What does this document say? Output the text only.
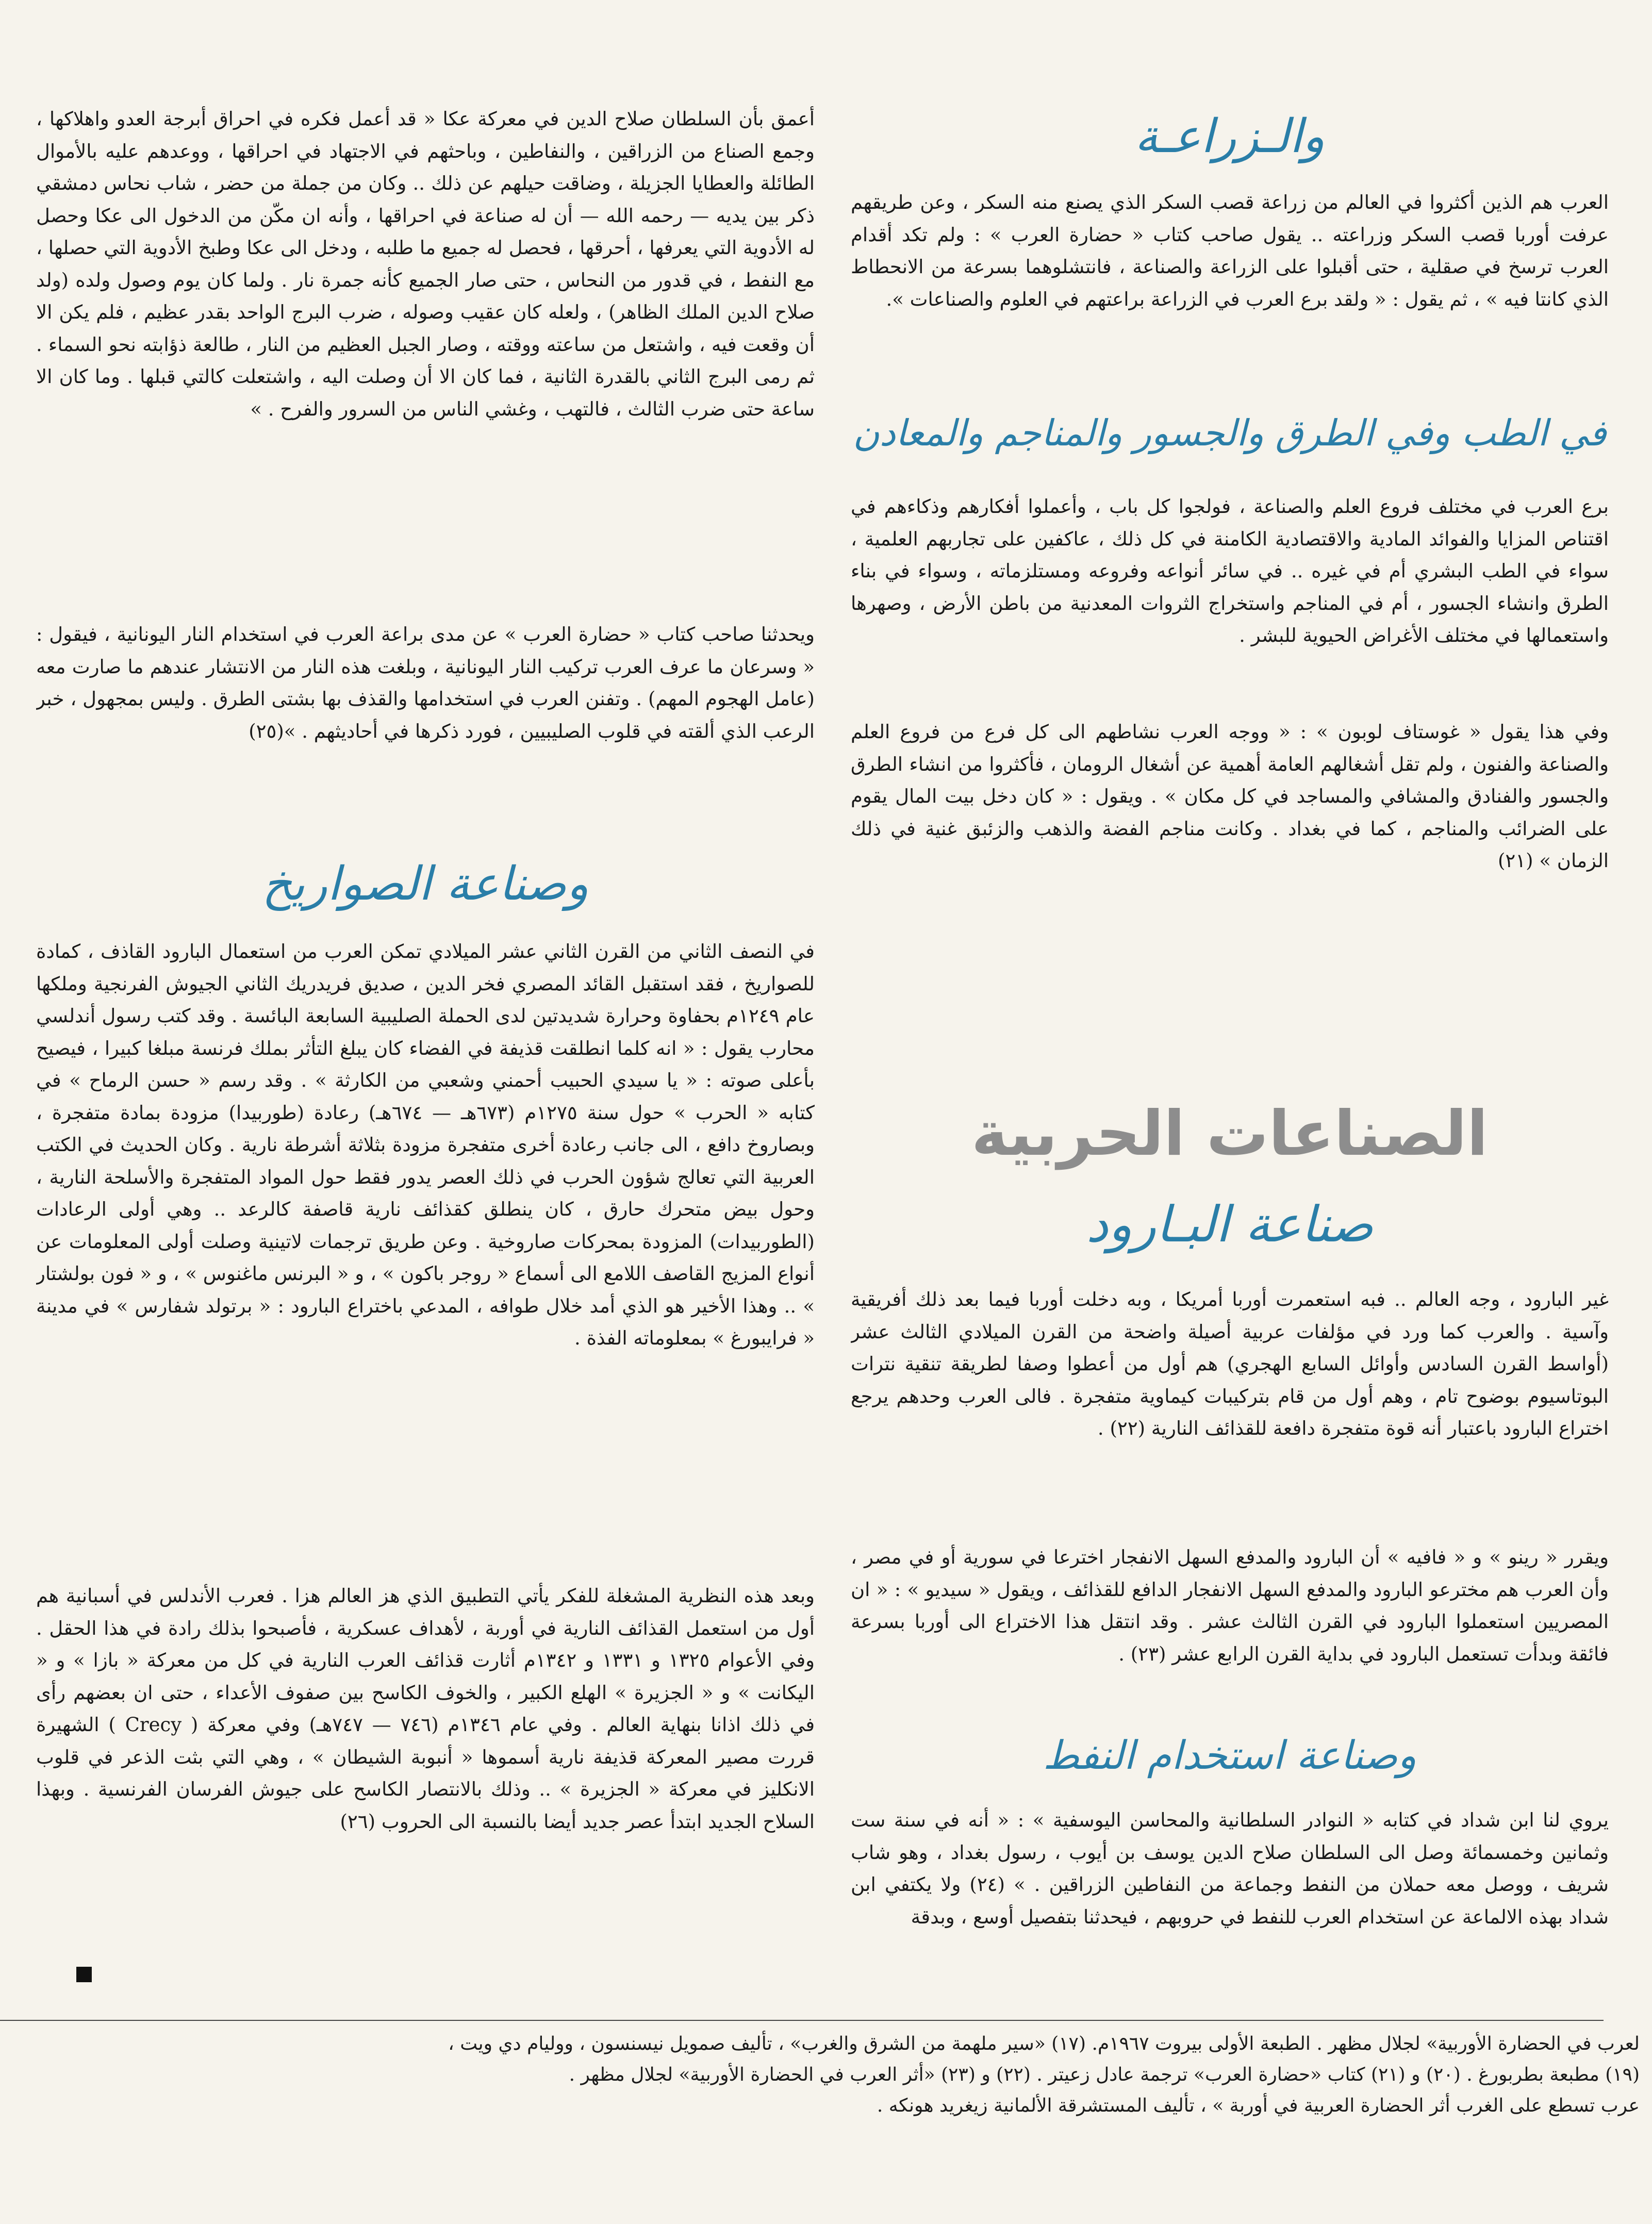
والـزراعـة

العرب هم الذين أكثروا في العالم من زراعة قصب السكر الذي يصنع منه السكر ، وعن طريقهم عرفت أوربا قصب السكر وزراعته .. يقول صاحب كتاب « حضارة العرب » : ولم تكد أقدام العرب ترسخ في صقلية ، حتى أقبلوا على الزراعة والصناعة ، فانتشلوهما بسرعة من الانحطاط الذي كانتا فيه » ، ثم يقول : « ولقد برع العرب في الزراعة براعتهم في العلوم والصناعات ».

في الطب وفي الطرق والجسور والمناجم والمعادن

برع العرب في مختلف فروع العلم والصناعة ، فولجوا كل باب ، وأعملوا أفكارهم وذكاءهم في اقتناص المزايا والفوائد المادية والاقتصادية الكامنة في كل ذلك ، عاكفين على تجاربهم العلمية ، سواء في الطب البشري أم في غيره .. في سائر أنواعه وفروعه ومستلزماته ، وسواء في بناء الطرق وانشاء الجسور ، أم في المناجم واستخراج الثروات المعدنية من باطن الأرض ، وصهرها واستعمالها في مختلف الأغراض الحيوية للبشر .

وفي هذا يقول « غوستاف لوبون » : « ووجه العرب نشاطهم الى كل فرع من فروع العلم والصناعة والفنون ، ولم تقل أشغالهم العامة أهمية عن أشغال الرومان ، فأكثروا من انشاء الطرق والجسور والفنادق والمشافي والمساجد في كل مكان » . ويقول : « كان دخل بيت المال يقوم على الضرائب والمناجم ، كما في بغداد . وكانت مناجم الفضة والذهب والزئبق غنية في ذلك الزمان » (٢١)

الصناعات الحربية
صناعة البـارود

غير البارود ، وجه العالم .. فبه استعمرت أوربا أمريكا ، وبه دخلت أوربا فيما بعد ذلك أفريقية وآسية . والعرب كما ورد في مؤلفات عربية أصيلة واضحة من القرن الميلادي الثالث عشر (أواسط القرن السادس وأوائل السابع الهجري) هم أول من أعطوا وصفا لطريقة تنقية نترات البوتاسيوم بوضوح تام ، وهم أول من قام بتركيبات كيماوية متفجرة . فالى العرب وحدهم يرجع اختراع البارود باعتبار أنه قوة متفجرة دافعة للقذائف النارية (٢٢) .

ويقرر « رينو » و « فافيه » أن البارود والمدفع السهل الانفجار اخترعا في سورية أو في مصر ، وأن العرب هم مخترعو البارود والمدفع السهل الانفجار الدافع للقذائف ، ويقول « سيديو » : « ان المصريين استعملوا البارود في القرن الثالث عشر . وقد انتقل هذا الاختراع الى أوربا بسرعة فائقة وبدأت تستعمل البارود في بداية القرن الرابع عشر (٢٣) .

وصناعة استخدام النفط

يروي لنا ابن شداد في كتابه « النوادر السلطانية والمحاسن اليوسفية » : « أنه في سنة ست وثمانين وخمسمائة وصل الى السلطان صلاح الدين يوسف بن أيوب ، رسول بغداد ، وهو شاب شريف ، ووصل معه حملان من النفط وجماعة من النفاطين الزراقين . » (٢٤) ولا يكتفي ابن شداد بهذه الالماعة عن استخدام العرب للنفط في حروبهم ، فيحدثنا بتفصيل أوسع ، وبدقة

أعمق بأن السلطان صلاح الدين في معركة عكا « قد أعمل فكره في احراق أبرجة العدو واهلاكها ، وجمع الصناع من الزراقين ، والنفاطين ، وباحثهم في الاجتهاد في احراقها ، ووعدهم عليه بالأموال الطائلة والعطايا الجزيلة ، وضاقت حيلهم عن ذلك .. وكان من جملة من حضر ، شاب نحاس دمشقي ذكر بين يديه — رحمه الله — أن له صناعة في احراقها ، وأنه ان مكّن من الدخول الى عكا وحصل له الأدوية التي يعرفها ، أحرقها ، فحصل له جميع ما طلبه ، ودخل الى عكا وطبخ الأدوية التي حصلها ، مع النفط ، في قدور من النحاس ، حتى صار الجميع كأنه جمرة نار . ولما كان يوم وصول ولده (ولد صلاح الدين الملك الظاهر) ، ولعله كان عقيب وصوله ، ضرب البرج الواحد بقدر عظيم ، فلم يكن الا أن وقعت فيه ، واشتعل من ساعته ووقته ، وصار الجبل العظيم من النار ، طالعة ذؤابته نحو السماء . ثم رمى البرج الثاني بالقدرة الثانية ، فما كان الا أن وصلت اليه ، واشتعلت كالتي قبلها . وما كان الا ساعة حتى ضرب الثالث ، فالتهب ، وغشي الناس من السرور والفرح . »

ويحدثنا صاحب كتاب « حضارة العرب » عن مدى براعة العرب في استخدام النار اليونانية ، فيقول : « وسرعان ما عرف العرب تركيب النار اليونانية ، وبلغت هذه النار من الانتشار عندهم ما صارت معه (عامل الهجوم المهم) . وتفنن العرب في استخدامها والقذف بها بشتى الطرق . وليس بمجهول ، خبر الرعب الذي ألقته في قلوب الصليبيين ، فورد ذكرها في أحاديثهم . »(٢٥)

وصناعة الصواريخ

في النصف الثاني من القرن الثاني عشر الميلادي تمكن العرب من استعمال البارود القاذف ، كمادة للصواريخ ، فقد استقبل القائد المصري فخر الدين ، صديق فريدريك الثاني الجيوش الفرنجية وملكها عام ١٢٤٩م بحفاوة وحرارة شديدتين لدى الحملة الصليبية السابعة البائسة . وقد كتب رسول أندلسي محارب يقول : « انه كلما انطلقت قذيفة في الفضاء كان يبلغ التأثر بملك فرنسة مبلغا كبيرا ، فيصيح بأعلى صوته : « يا سيدي الحبيب أحمني وشعبي من الكارثة » . وقد رسم « حسن الرماح » في كتابه « الحرب » حول سنة ١٢٧٥م (٦٧٣هـ — ٦٧٤هـ) رعادة (طوربيدا) مزودة بمادة متفجرة ، وبصاروخ دافع ، الى جانب رعادة أخرى متفجرة مزودة بثلاثة أشرطة نارية . وكان الحديث في الكتب العربية التي تعالج شؤون الحرب في ذلك العصر يدور فقط حول المواد المتفجرة والأسلحة النارية ، وحول بيض متحرك حارق ، كان ينطلق كقذائف نارية قاصفة كالرعد .. وهي أولى الرعادات (الطوربيدات) المزودة بمحركات صاروخية . وعن طريق ترجمات لاتينية وصلت أولى المعلومات عن أنواع المزيج القاصف اللامع الى أسماع « روجر باكون » ، و « البرنس ماغنوس » ، و « فون بولشتار » .. وهذا الأخير هو الذي أمد خلال طوافه ، المدعي باختراع البارود : « برتولد شفارس » في مدينة « فرايبورغ » بمعلوماته الفذة .

وبعد هذه النظرية المشغلة للفكر يأتي التطبيق الذي هز العالم هزا . فعرب الأندلس في أسبانية هم أول من استعمل القذائف النارية في أوربة ، لأهداف عسكرية ، فأصبحوا بذلك رادة في هذا الحقل . وفي الأعوام ١٣٢٥ و ١٣٣١ و ١٣٤٢م أثارت قذائف العرب النارية في كل من معركة « بازا » و « اليكانت » و « الجزيرة » الهلع الكبير ، والخوف الكاسح بين صفوف الأعداء ، حتى ان بعضهم رأى في ذلك اذانا بنهاية العالم . وفي عام ١٣٤٦م (٧٤٦ — ٧٤٧هـ) وفي معركة ( Crecy ) الشهيرة قررت مصير المعركة قذيفة نارية أسموها « أنبوبة الشيطان » ، وهي التي بثت الذعر في قلوب الانكليز في معركة « الجزيرة » .. وذلك بالانتصار الكاسح على جيوش الفرسان الفرنسية . وبهذا السلاح الجديد ابتدأ عصر جديد أيضا بالنسبة الى الحروب (٢٦)

لعرب في الحضارة الأوربية» لجلال مظهر . الطبعة الأولى بيروت ١٩٦٧م. (١٧) «سير ملهمة من الشرق والغرب» ، تأليف صمويل نيسنسون ، ووليام دي ويت ،
(١٩) مطبعة بطربورغ . (٢٠) و (٢١) كتاب «حضارة العرب» ترجمة عادل زعيتر . (٢٢) و (٢٣) «أثر العرب في الحضارة الأوربية» لجلال مظهر .
عرب تسطع على الغرب أثر الحضارة العربية في أوربة » ، تأليف المستشرقة الألمانية زيغريد هونكه .
